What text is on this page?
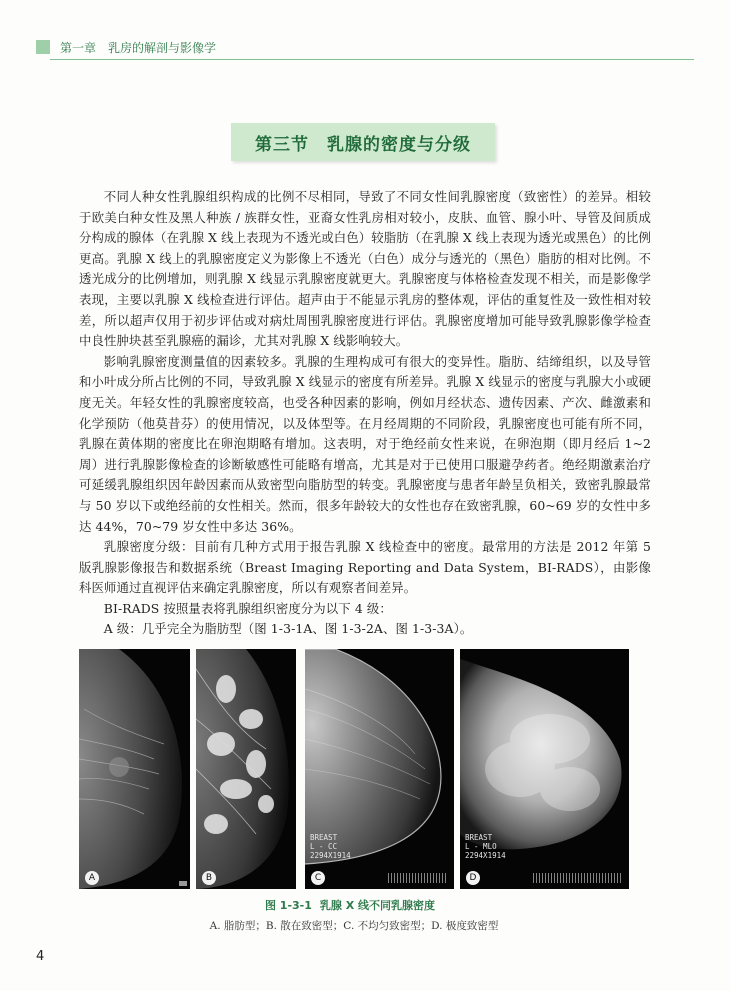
第一章　乳房的解剖与影像学
第三节　乳腺的密度与分级

不同人种女性乳腺组织构成的比例不尽相同，导致了不同女性间乳腺密度（致密性）的差异。相较于欧美白种女性及黑人种族 / 族群女性，亚裔女性乳房相对较小，皮肤、血管、腺小叶、导管及间质成分构成的腺体（在乳腺 X 线上表现为不透光或白色）较脂肪（在乳腺 X 线上表现为透光或黑色）的比例更高。乳腺 X 线上的乳腺密度定义为影像上不透光（白色）成分与透光的（黑色）脂肪的相对比例。不透光成分的比例增加，则乳腺 X 线显示乳腺密度就更大。乳腺密度与体格检查发现不相关，而是影像学表现，主要以乳腺 X 线检查进行评估。超声由于不能显示乳房的整体观，评估的重复性及一致性相对较差，所以超声仅用于初步评估或对病灶周围乳腺密度进行评估。乳腺密度增加可能导致乳腺影像学检查中良性肿块甚至乳腺癌的漏诊，尤其对乳腺 X 线影响较大。

影响乳腺密度测量值的因素较多。乳腺的生理构成可有很大的变异性。脂肪、结缔组织，以及导管和小叶成分所占比例的不同，导致乳腺 X 线显示的密度有所差异。乳腺 X 线显示的密度与乳腺大小或硬度无关。年轻女性的乳腺密度较高，也受各种因素的影响，例如月经状态、遗传因素、产次、雌激素和化学预防（他莫昔芬）的使用情况，以及体型等。在月经周期的不同阶段，乳腺密度也可能有所不同，乳腺在黄体期的密度比在卵泡期略有增加。这表明，对于绝经前女性来说，在卵泡期（即月经后 1~2 周）进行乳腺影像检查的诊断敏感性可能略有增高，尤其是对于已使用口服避孕药者。绝经期激素治疗可延缓乳腺组织因年龄因素而从致密型向脂肪型的转变。乳腺密度与患者年龄呈负相关，致密乳腺最常与 50 岁以下或绝经前的女性相关。然而，很多年龄较大的女性也存在致密乳腺，60~69 岁的女性中多达 44%，70~79 岁女性中多达 36%。

乳腺密度分级：目前有几种方式用于报告乳腺 X 线检查中的密度。最常用的方法是 2012 年第 5 版乳腺影像报告和数据系统（Breast Imaging Reporting and Data System，BI-RADS），由影像科医师通过直视评估来确定乳腺密度，所以有观察者间差异。

BI-RADS 按照量表将乳腺组织密度分为以下 4 级：

A 级：几乎完全为脂肪型（图 1-3-1A、图 1-3-2A、图 1-3-3A）。

A	B
BREAST
L - CC
2294X1914
C
BREAST
L - MLO
2294X1914
D
图 1-3-1 乳腺 X 线不同乳腺密度
A. 脂肪型；B. 散在致密型；C. 不均匀致密型；D. 极度致密型
4
